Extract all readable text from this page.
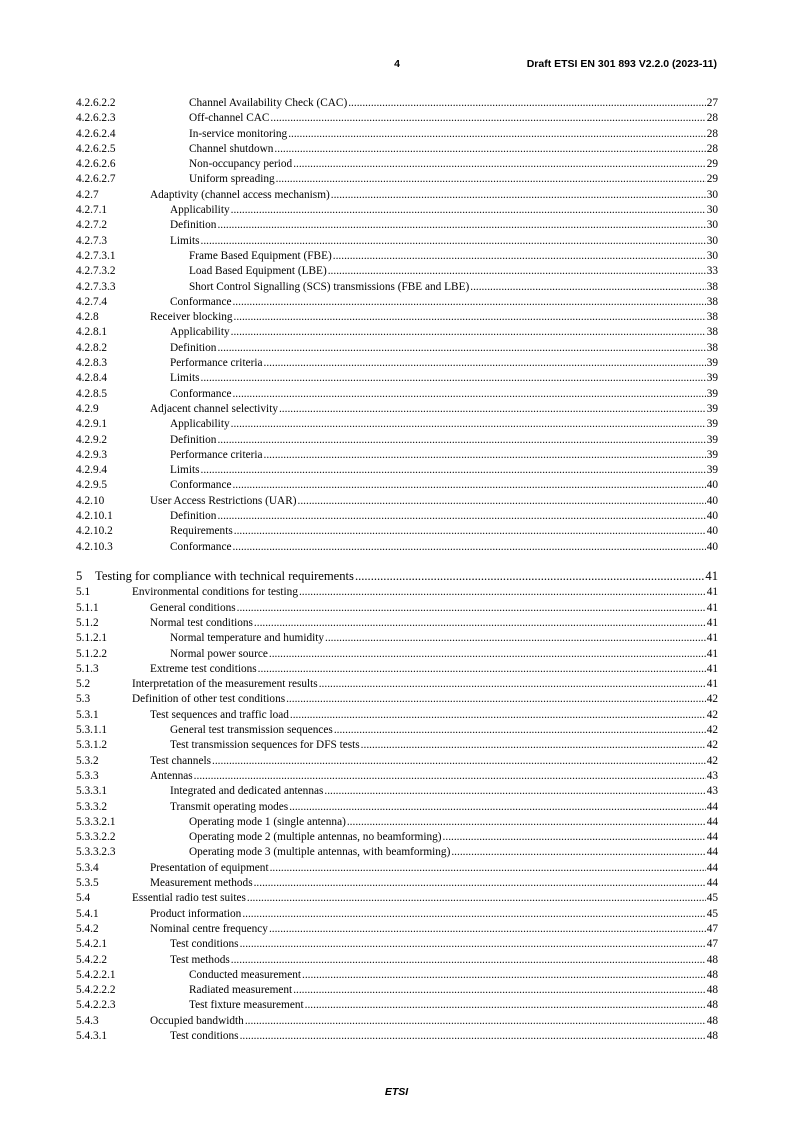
4	Draft ETSI EN 301 893 V2.2.0 (2023-11)
4.2.6.2.2	Channel Availability Check (CAC) .....	27
4.2.6.2.3	Off-channel CAC .....	28
4.2.6.2.4	In-service monitoring .....	28
4.2.6.2.5	Channel shutdown .....	28
4.2.6.2.6	Non-occupancy period .....	29
4.2.6.2.7	Uniform spreading .....	29
4.2.7	Adaptivity (channel access mechanism) .....	30
4.2.7.1	Applicability .....	30
4.2.7.2	Definition .....	30
4.2.7.3	Limits .....	30
4.2.7.3.1	Frame Based Equipment (FBE) .....	30
4.2.7.3.2	Load Based Equipment (LBE) .....	33
4.2.7.3.3	Short Control Signalling (SCS) transmissions (FBE and LBE) .....	38
4.2.7.4	Conformance .....	38
4.2.8	Receiver blocking .....	38
4.2.8.1	Applicability .....	38
4.2.8.2	Definition .....	38
4.2.8.3	Performance criteria .....	39
4.2.8.4	Limits .....	39
4.2.8.5	Conformance .....	39
4.2.9	Adjacent channel selectivity .....	39
4.2.9.1	Applicability .....	39
4.2.9.2	Definition .....	39
4.2.9.3	Performance criteria .....	39
4.2.9.4	Limits .....	39
4.2.9.5	Conformance .....	40
4.2.10	User Access Restrictions (UAR) .....	40
4.2.10.1	Definition .....	40
4.2.10.2	Requirements .....	40
4.2.10.3	Conformance .....	40
5 Testing for compliance with technical requirements .....	41
5.1	Environmental conditions for testing .....	41
5.1.1	General conditions .....	41
5.1.2	Normal test conditions .....	41
5.1.2.1	Normal temperature and humidity .....	41
5.1.2.2	Normal power source .....	41
5.1.3	Extreme test conditions .....	41
5.2	Interpretation of the measurement results .....	41
5.3	Definition of other test conditions .....	42
5.3.1	Test sequences and traffic load .....	42
5.3.1.1	General test transmission sequences .....	42
5.3.1.2	Test transmission sequences for DFS tests .....	42
5.3.2	Test channels .....	42
5.3.3	Antennas .....	43
5.3.3.1	Integrated and dedicated antennas .....	43
5.3.3.2	Transmit operating modes .....	44
5.3.3.2.1	Operating mode 1 (single antenna) .....	44
5.3.3.2.2	Operating mode 2 (multiple antennas, no beamforming) .....	44
5.3.3.2.3	Operating mode 3 (multiple antennas, with beamforming) .....	44
5.3.4	Presentation of equipment .....	44
5.3.5	Measurement methods .....	44
5.4	Essential radio test suites .....	45
5.4.1	Product information .....	45
5.4.2	Nominal centre frequency .....	47
5.4.2.1	Test conditions .....	47
5.4.2.2	Test methods .....	48
5.4.2.2.1	Conducted measurement .....	48
5.4.2.2.2	Radiated measurement .....	48
5.4.2.2.3	Test fixture measurement .....	48
5.4.3	Occupied bandwidth .....	48
5.4.3.1	Test conditions .....	48
ETSI
